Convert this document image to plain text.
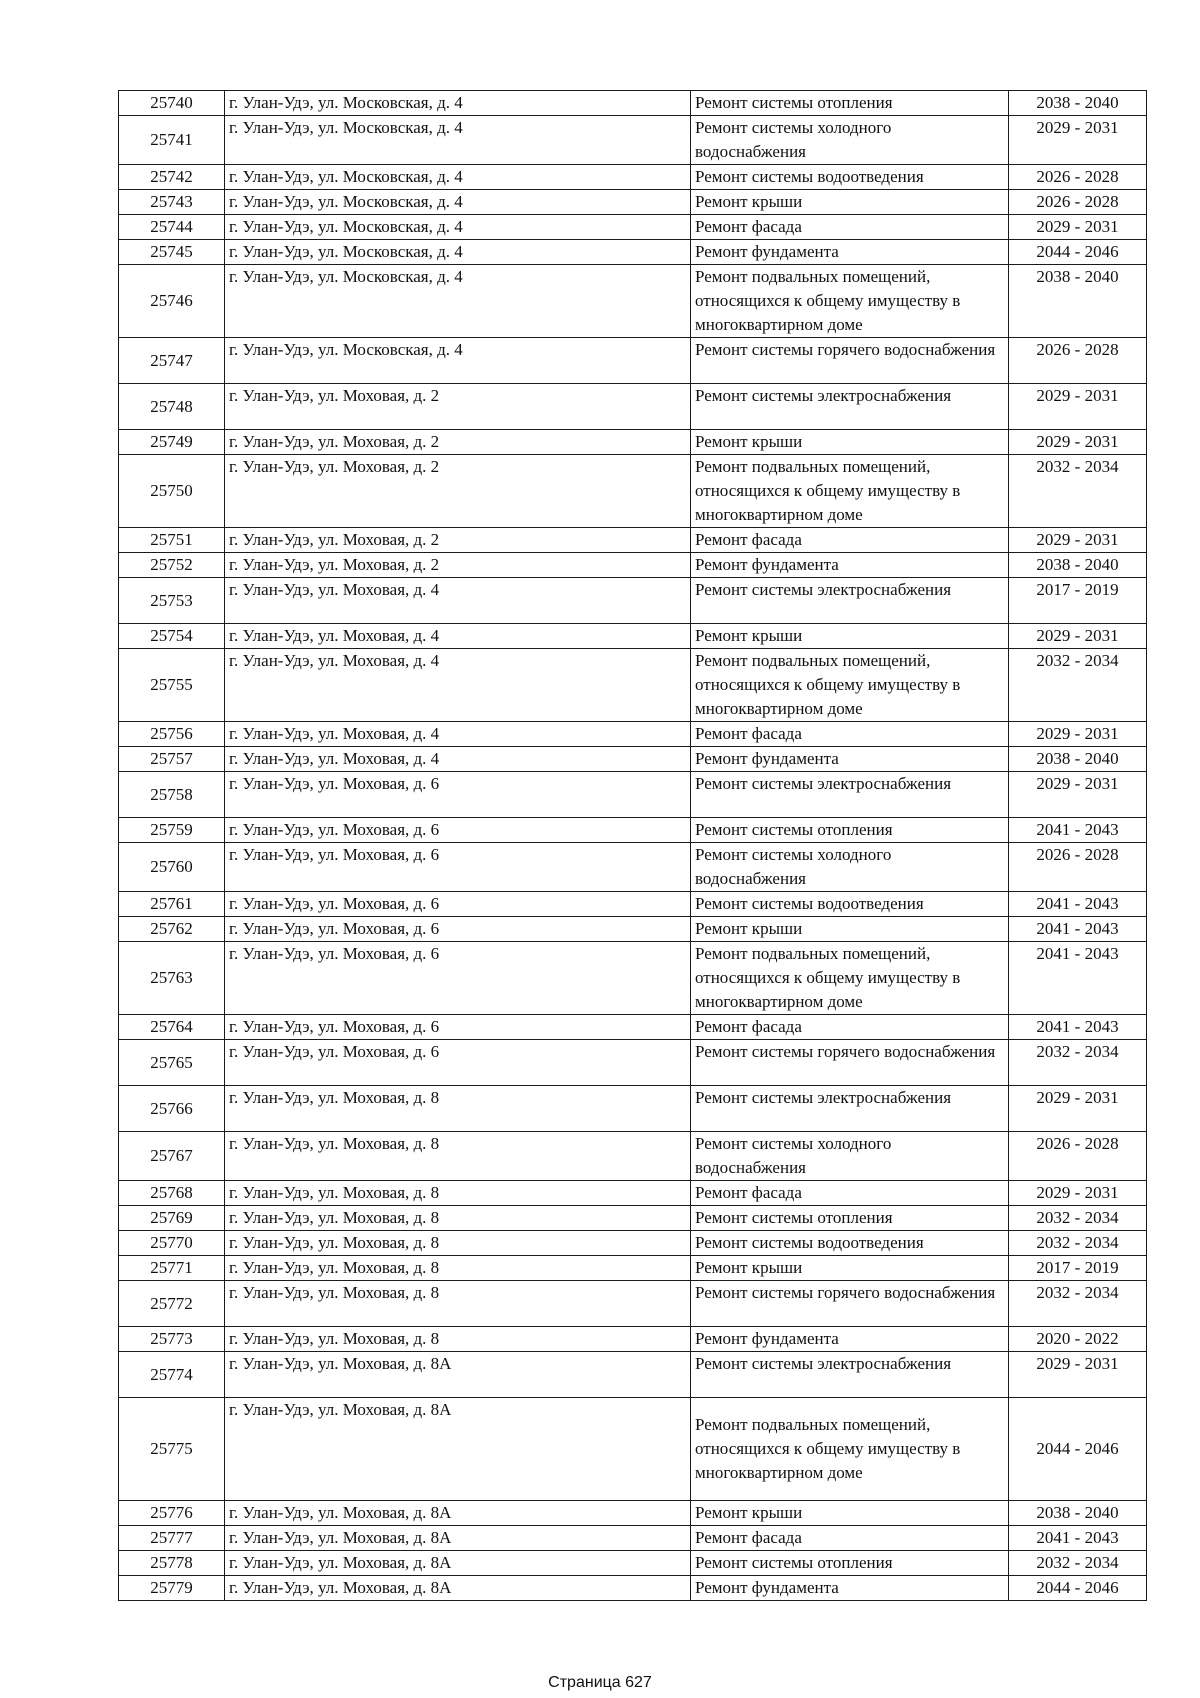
25740	г. Улан-Удэ, ул. Московская, д. 4	Ремонт системы отопления	2038 - 2040
25741	г. Улан-Удэ, ул. Московская, д. 4	Ремонт системы холодного водоснабжения	2029 - 2031
25742	г. Улан-Удэ, ул. Московская, д. 4	Ремонт системы водоотведения	2026 - 2028
25743	г. Улан-Удэ, ул. Московская, д. 4	Ремонт крыши	2026 - 2028
25744	г. Улан-Удэ, ул. Московская, д. 4	Ремонт фасада	2029 - 2031
25745	г. Улан-Удэ, ул. Московская, д. 4	Ремонт фундамента	2044 - 2046
25746	г. Улан-Удэ, ул. Московская, д. 4	Ремонт подвальных помещений, относящихся к общему имуществу в многоквартирном доме	2038 - 2040
25747	г. Улан-Удэ, ул. Московская, д. 4	Ремонт системы горячего водоснабжения	2026 - 2028
25748	г. Улан-Удэ, ул. Моховая, д. 2	Ремонт системы электроснабжения	2029 - 2031
25749	г. Улан-Удэ, ул. Моховая, д. 2	Ремонт крыши	2029 - 2031
25750	г. Улан-Удэ, ул. Моховая, д. 2	Ремонт подвальных помещений, относящихся к общему имуществу в многоквартирном доме	2032 - 2034
25751	г. Улан-Удэ, ул. Моховая, д. 2	Ремонт фасада	2029 - 2031
25752	г. Улан-Удэ, ул. Моховая, д. 2	Ремонт фундамента	2038 - 2040
25753	г. Улан-Удэ, ул. Моховая, д. 4	Ремонт системы электроснабжения	2017 - 2019
25754	г. Улан-Удэ, ул. Моховая, д. 4	Ремонт крыши	2029 - 2031
25755	г. Улан-Удэ, ул. Моховая, д. 4	Ремонт подвальных помещений, относящихся к общему имуществу в многоквартирном доме	2032 - 2034
25756	г. Улан-Удэ, ул. Моховая, д. 4	Ремонт фасада	2029 - 2031
25757	г. Улан-Удэ, ул. Моховая, д. 4	Ремонт фундамента	2038 - 2040
25758	г. Улан-Удэ, ул. Моховая, д. 6	Ремонт системы электроснабжения	2029 - 2031
25759	г. Улан-Удэ, ул. Моховая, д. 6	Ремонт системы отопления	2041 - 2043
25760	г. Улан-Удэ, ул. Моховая, д. 6	Ремонт системы холодного водоснабжения	2026 - 2028
25761	г. Улан-Удэ, ул. Моховая, д. 6	Ремонт системы водоотведения	2041 - 2043
25762	г. Улан-Удэ, ул. Моховая, д. 6	Ремонт крыши	2041 - 2043
25763	г. Улан-Удэ, ул. Моховая, д. 6	Ремонт подвальных помещений, относящихся к общему имуществу в многоквартирном доме	2041 - 2043
25764	г. Улан-Удэ, ул. Моховая, д. 6	Ремонт фасада	2041 - 2043
25765	г. Улан-Удэ, ул. Моховая, д. 6	Ремонт системы горячего водоснабжения	2032 - 2034
25766	г. Улан-Удэ, ул. Моховая, д. 8	Ремонт системы электроснабжения	2029 - 2031
25767	г. Улан-Удэ, ул. Моховая, д. 8	Ремонт системы холодного водоснабжения	2026 - 2028
25768	г. Улан-Удэ, ул. Моховая, д. 8	Ремонт фасада	2029 - 2031
25769	г. Улан-Удэ, ул. Моховая, д. 8	Ремонт системы отопления	2032 - 2034
25770	г. Улан-Удэ, ул. Моховая, д. 8	Ремонт системы водоотведения	2032 - 2034
25771	г. Улан-Удэ, ул. Моховая, д. 8	Ремонт крыши	2017 - 2019
25772	г. Улан-Удэ, ул. Моховая, д. 8	Ремонт системы горячего водоснабжения	2032 - 2034
25773	г. Улан-Удэ, ул. Моховая, д. 8	Ремонт фундамента	2020 - 2022
25774	г. Улан-Удэ, ул. Моховая, д. 8А	Ремонт системы электроснабжения	2029 - 2031
25775	г. Улан-Удэ, ул. Моховая, д. 8А	Ремонт подвальных помещений, относящихся к общему имуществу в многоквартирном доме	2044 - 2046
25776	г. Улан-Удэ, ул. Моховая, д. 8А	Ремонт крыши	2038 - 2040
25777	г. Улан-Удэ, ул. Моховая, д. 8А	Ремонт фасада	2041 - 2043
25778	г. Улан-Удэ, ул. Моховая, д. 8А	Ремонт системы отопления	2032 - 2034
25779	г. Улан-Удэ, ул. Моховая, д. 8А	Ремонт фундамента	2044 - 2046
Страница 627
